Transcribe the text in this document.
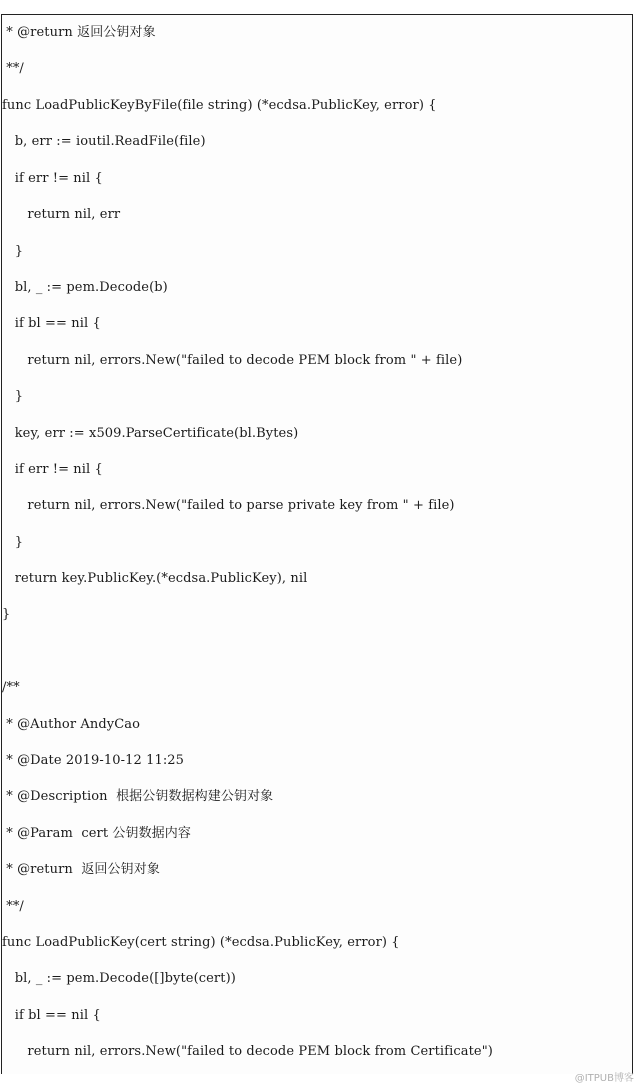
* @return 返回公钥对象
**/
func LoadPublicKeyByFile(file string) (*ecdsa.PublicKey, error) {
b, err := ioutil.ReadFile(file)
if err != nil {
return nil, err
}
bl, _ := pem.Decode(b)
if bl == nil {
return nil, errors.New("failed to decode PEM block from " + file)
}
key, err := x509.ParseCertificate(bl.Bytes)
if err != nil {
return nil, errors.New("failed to parse private key from " + file)
}
return key.PublicKey.(*ecdsa.PublicKey), nil
}
/**
* @Author AndyCao
* @Date 2019-10-12 11:25
* @Description  根据公钥数据构建公钥对象
* @Param  cert 公钥数据内容
* @return  返回公钥对象
**/
func LoadPublicKey(cert string) (*ecdsa.PublicKey, error) {
bl, _ := pem.Decode([]byte(cert))
if bl == nil {
return nil, errors.New("failed to decode PEM block from Certificate")
@ITPUB博客
